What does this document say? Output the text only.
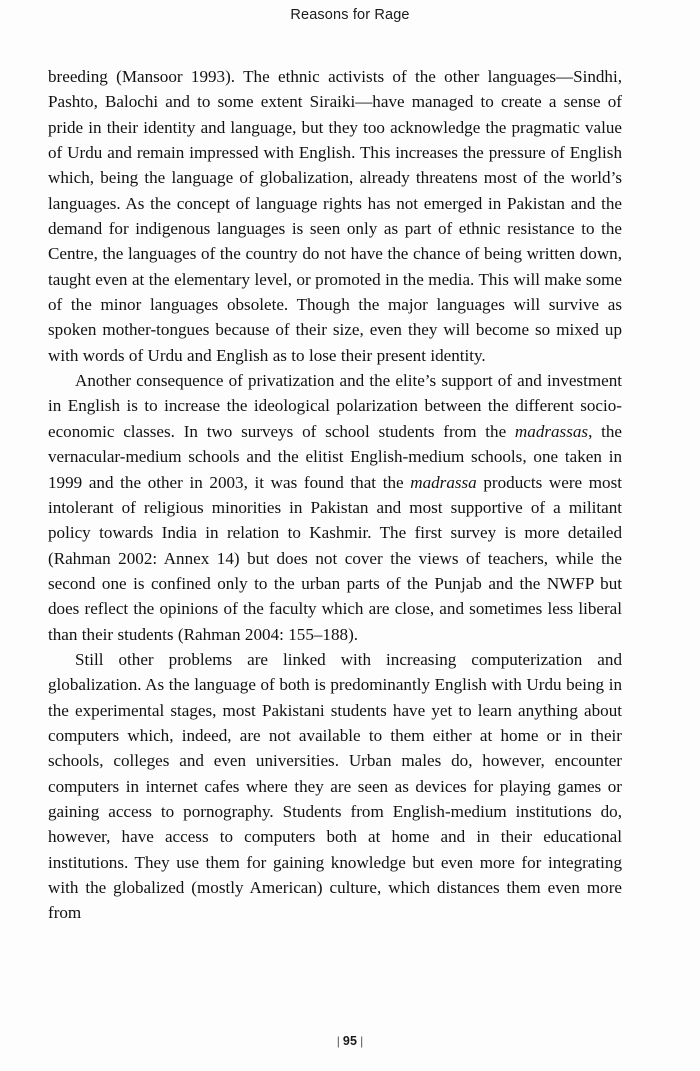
Reasons for Rage

breeding (Mansoor 1993). The ethnic activists of the other languages—Sindhi, Pashto, Balochi and to some extent Siraiki—have managed to create a sense of pride in their identity and language, but they too acknowledge the pragmatic value of Urdu and remain impressed with English. This increases the pressure of English which, being the language of globalization, already threatens most of the world’s languages. As the concept of language rights has not emerged in Pakistan and the demand for indigenous languages is seen only as part of ethnic resistance to the Centre, the languages of the country do not have the chance of being written down, taught even at the elementary level, or promoted in the media. This will make some of the minor languages obsolete. Though the major languages will survive as spoken mother-tongues because of their size, even they will become so mixed up with words of Urdu and English as to lose their present identity.

Another consequence of privatization and the elite’s support of and investment in English is to increase the ideological polarization between the different socio-economic classes. In two surveys of school students from the madrassas, the vernacular-medium schools and the elitist English-medium schools, one taken in 1999 and the other in 2003, it was found that the madrassa products were most intolerant of religious minorities in Pakistan and most supportive of a militant policy towards India in relation to Kashmir. The first survey is more detailed (Rahman 2002: Annex 14) but does not cover the views of teachers, while the second one is confined only to the urban parts of the Punjab and the NWFP but does reflect the opinions of the faculty which are close, and sometimes less liberal than their students (Rahman 2004: 155–188).

Still other problems are linked with increasing computerization and globalization. As the language of both is predominantly English with Urdu being in the experimental stages, most Pakistani students have yet to learn anything about computers which, indeed, are not available to them either at home or in their schools, colleges and even universities. Urban males do, however, encounter computers in internet cafes where they are seen as devices for playing games or gaining access to pornography. Students from English-medium institutions do, however, have access to computers both at home and in their educational institutions. They use them for gaining knowledge but even more for integrating with the globalized (mostly American) culture, which distances them even more from

| 95 |
